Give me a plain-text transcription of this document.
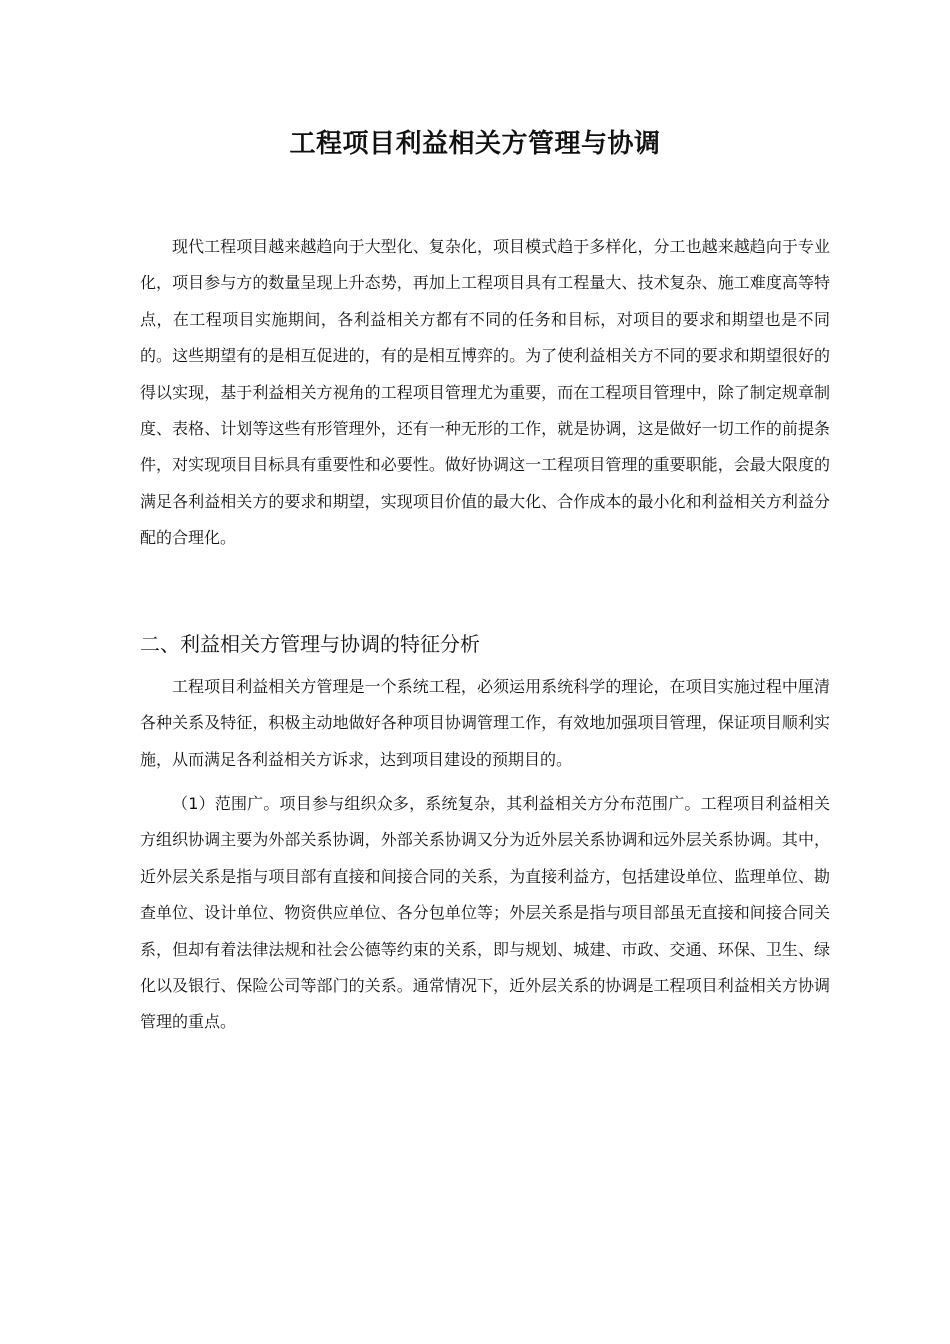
工程项目利益相关方管理与协调

现代工程项目越来越趋向于大型化、复杂化，项目模式趋于多样化，分工也越来越趋向于专业化，项目参与方的数量呈现上升态势，再加上工程项目具有工程量大、技术复杂、施工难度高等特点，在工程项目实施期间，各利益相关方都有不同的任务和目标，对项目的要求和期望也是不同的。这些期望有的是相互促进的，有的是相互博弈的。为了使利益相关方不同的要求和期望很好的得以实现，基于利益相关方视角的工程项目管理尤为重要，而在工程项目管理中，除了制定规章制度、表格、计划等这些有形管理外，还有一种无形的工作，就是协调，这是做好一切工作的前提条件，对实现项目目标具有重要性和必要性。做好协调这一工程项目管理的重要职能，会最大限度的满足各利益相关方的要求和期望，实现项目价值的最大化、合作成本的最小化和利益相关方利益分配的合理化。

二、利益相关方管理与协调的特征分析

工程项目利益相关方管理是一个系统工程，必须运用系统科学的理论，在项目实施过程中厘清各种关系及特征，积极主动地做好各种项目协调管理工作，有效地加强项目管理，保证项目顺利实施，从而满足各利益相关方诉求，达到项目建设的预期目的。

（1）范围广。项目参与组织众多，系统复杂，其利益相关方分布范围广。工程项目利益相关方组织协调主要为外部关系协调，外部关系协调又分为近外层关系协调和远外层关系协调。其中，近外层关系是指与项目部有直接和间接合同的关系，为直接利益方，包括建设单位、监理单位、勘查单位、设计单位、物资供应单位、各分包单位等；外层关系是指与项目部虽无直接和间接合同关系，但却有着法律法规和社会公德等约束的关系，即与规划、城建、市政、交通、环保、卫生、绿化以及银行、保险公司等部门的关系。通常情况下，近外层关系的协调是工程项目利益相关方协调管理的重点。
